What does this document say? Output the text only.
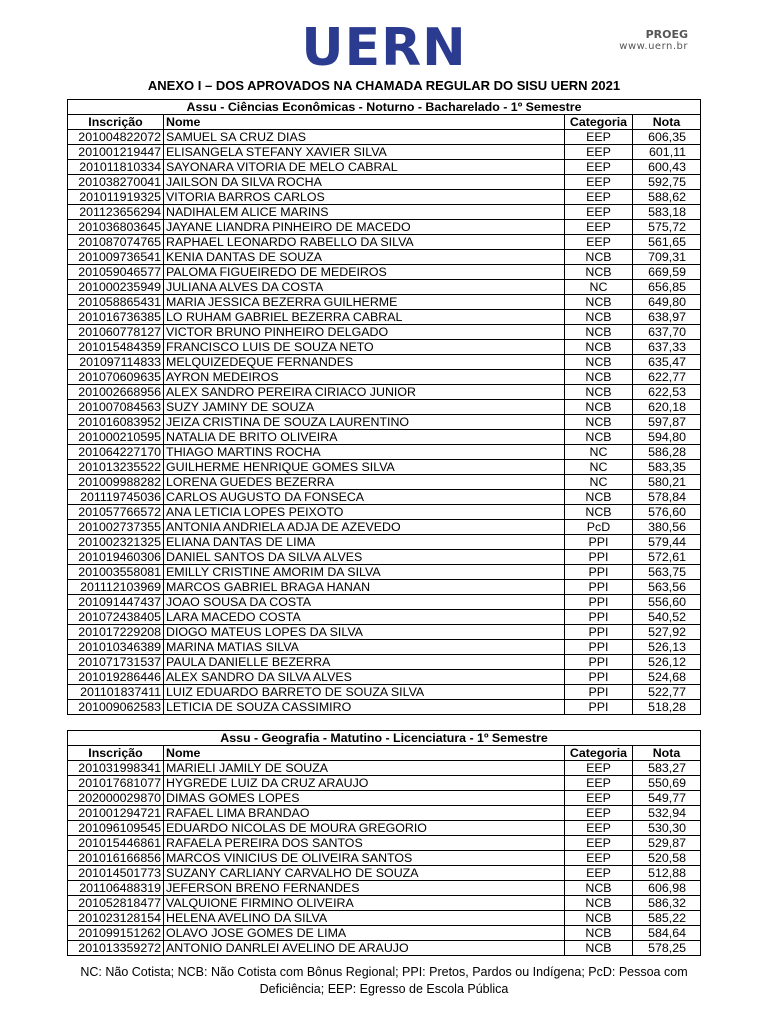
UERN	PROEG
www.uern.br
ANEXO I – DOS APROVADOS NA CHAMADA REGULAR DO SISU UERN 2021
Assu - Ciências Econômicas - Noturno - Bacharelado - 1º Semestre			
Inscrição	Nome	Categoria	Nota
201004822072	SAMUEL SA CRUZ DIAS	EEP	606,35
201001219447	ELISANGELA STEFANY XAVIER SILVA	EEP	601,11
201011810334	SAYONARA VITORIA DE MELO CABRAL	EEP	600,43
201038270041	JAILSON DA SILVA ROCHA	EEP	592,75
201011919325	VITORIA BARROS CARLOS	EEP	588,62
201123656294	NADIHALEM ALICE MARINS	EEP	583,18
201036803645	JAYANE LIANDRA PINHEIRO DE MACEDO	EEP	575,72
201087074765	RAPHAEL LEONARDO RABELLO DA SILVA	EEP	561,65
201009736541	KENIA DANTAS DE SOUZA	NCB	709,31
201059046577	PALOMA FIGUEIREDO DE MEDEIROS	NCB	669,59
201000235949	JULIANA ALVES DA COSTA	NC	656,85
201058865431	MARIA JESSICA BEZERRA GUILHERME	NCB	649,80
201016736385	LO RUHAM GABRIEL BEZERRA CABRAL	NCB	638,97
201060778127	VICTOR BRUNO PINHEIRO DELGADO	NCB	637,70
201015484359	FRANCISCO LUIS DE SOUZA NETO	NCB	637,33
201097114833	MELQUIZEDEQUE FERNANDES	NCB	635,47
201070609635	AYRON MEDEIROS	NCB	622,77
201002668956	ALEX SANDRO PEREIRA CIRIACO JUNIOR	NCB	622,53
201007084563	SUZY JAMINY DE SOUZA	NCB	620,18
201016083952	JEIZA CRISTINA DE SOUZA LAURENTINO	NCB	597,87
201000210595	NATALIA DE BRITO OLIVEIRA	NCB	594,80
201064227170	THIAGO MARTINS ROCHA	NC	586,28
201013235522	GUILHERME HENRIQUE GOMES SILVA	NC	583,35
201009988282	LORENA GUEDES BEZERRA	NC	580,21
201119745036	CARLOS AUGUSTO DA FONSECA	NCB	578,84
201057766572	ANA LETICIA LOPES PEIXOTO	NCB	576,60
201002737355	ANTONIA ANDRIELA ADJA DE AZEVEDO	PcD	380,56
201002321325	ELIANA DANTAS DE LIMA	PPI	579,44
201019460306	DANIEL SANTOS DA SILVA ALVES	PPI	572,61
201003558081	EMILLY CRISTINE AMORIM DA SILVA	PPI	563,75
201112103969	MARCOS GABRIEL BRAGA HANAN	PPI	563,56
201091447437	JOAO SOUSA DA COSTA	PPI	556,60
201072438405	LARA MACEDO COSTA	PPI	540,52
201017229208	DIOGO MATEUS LOPES DA SILVA	PPI	527,92
201010346389	MARINA MATIAS SILVA	PPI	526,13
201071731537	PAULA DANIELLE BEZERRA	PPI	526,12
201019286446	ALEX SANDRO DA SILVA ALVES	PPI	524,68
201101837411	LUIZ EDUARDO BARRETO DE SOUZA SILVA	PPI	522,77
201009062583	LETICIA DE SOUZA CASSIMIRO	PPI	518,28
Assu - Geografia - Matutino - Licenciatura - 1º Semestre			
Inscrição	Nome	Categoria	Nota
201031998341	MARIELI JAMILY DE SOUZA	EEP	583,27
201017681077	HYGREDE LUIZ DA CRUZ ARAUJO	EEP	550,69
202000029870	DIMAS GOMES LOPES	EEP	549,77
201001294721	RAFAEL LIMA BRANDAO	EEP	532,94
201096109545	EDUARDO NICOLAS DE MOURA GREGORIO	EEP	530,30
201015446861	RAFAELA PEREIRA DOS SANTOS	EEP	529,87
201016166856	MARCOS VINICIUS DE OLIVEIRA SANTOS	EEP	520,58
201014501773	SUZANY CARLIANY CARVALHO DE SOUZA	EEP	512,88
201106488319	JEFERSON BRENO FERNANDES	NCB	606,98
201052818477	VALQUIONE FIRMINO OLIVEIRA	NCB	586,32
201023128154	HELENA AVELINO DA SILVA	NCB	585,22
201099151262	OLAVO JOSE GOMES DE LIMA	NCB	584,64
201013359272	ANTONIO DANRLEI AVELINO DE ARAUJO	NCB	578,25
NC: Não Cotista; NCB: Não Cotista com Bônus Regional; PPI: Pretos, Pardos ou Indígena; PcD: Pessoa com Deficiência; EEP: Egresso de Escola Pública
